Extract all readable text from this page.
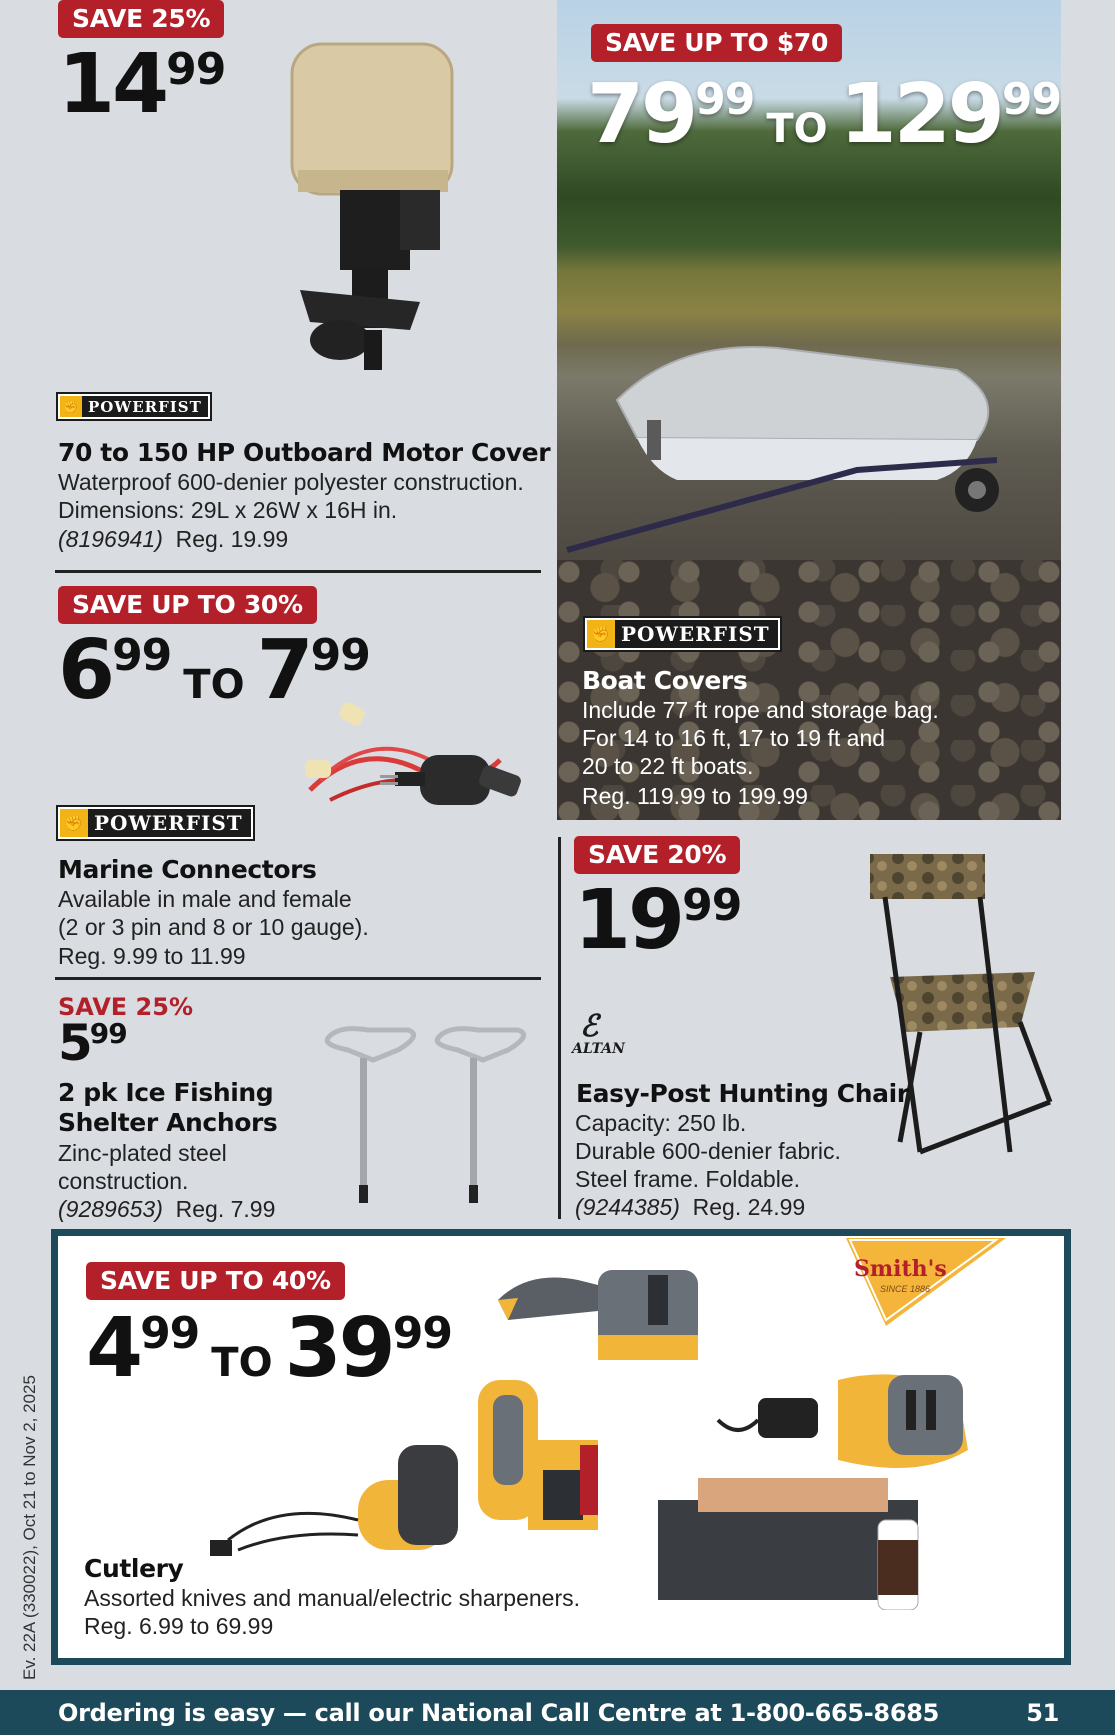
SAVE 25%
1499
✊ POWERFIST
70 to 150 HP Outboard Motor Cover
Waterproof 600-denier polyester construction.
Dimensions: 29L x 26W x 16H in.
(8196941) Reg. 19.99
SAVE UP TO $70
7999TO 12999
✊ POWERFIST
Boat Covers
Include 77 ft rope and storage bag.
For 14 to 16 ft, 17 to 19 ft and
20 to 22 ft boats.
Reg. 119.99 to 199.99
SAVE UP TO 30%
699TO 799
✊ POWERFIST
Marine Connectors
Available in male and female
(2 or 3 pin and 8 or 10 gauge).
Reg. 9.99 to 11.99
SAVE 25%
599
2 pk Ice Fishing
Shelter Anchors
Zinc-plated steel
construction.
(9289653) Reg. 7.99
SAVE 20%
1999
ℰ
ALTAN
Easy-Post Hunting Chair
Capacity: 250 lb.
Durable 600-denier fabric.
Steel frame. Foldable.
(9244385) Reg. 24.99
SAVE UP TO 40%
499TO 3999
Smith's
SINCE 1886
Cutlery
Assorted knives and manual/electric sharpeners.
Reg. 6.99 to 69.99
Ev. 22A (330022), Oct 21 to Nov 2, 2025
Ordering is easy — call our National Call Centre at 1-800-665-8685	51
